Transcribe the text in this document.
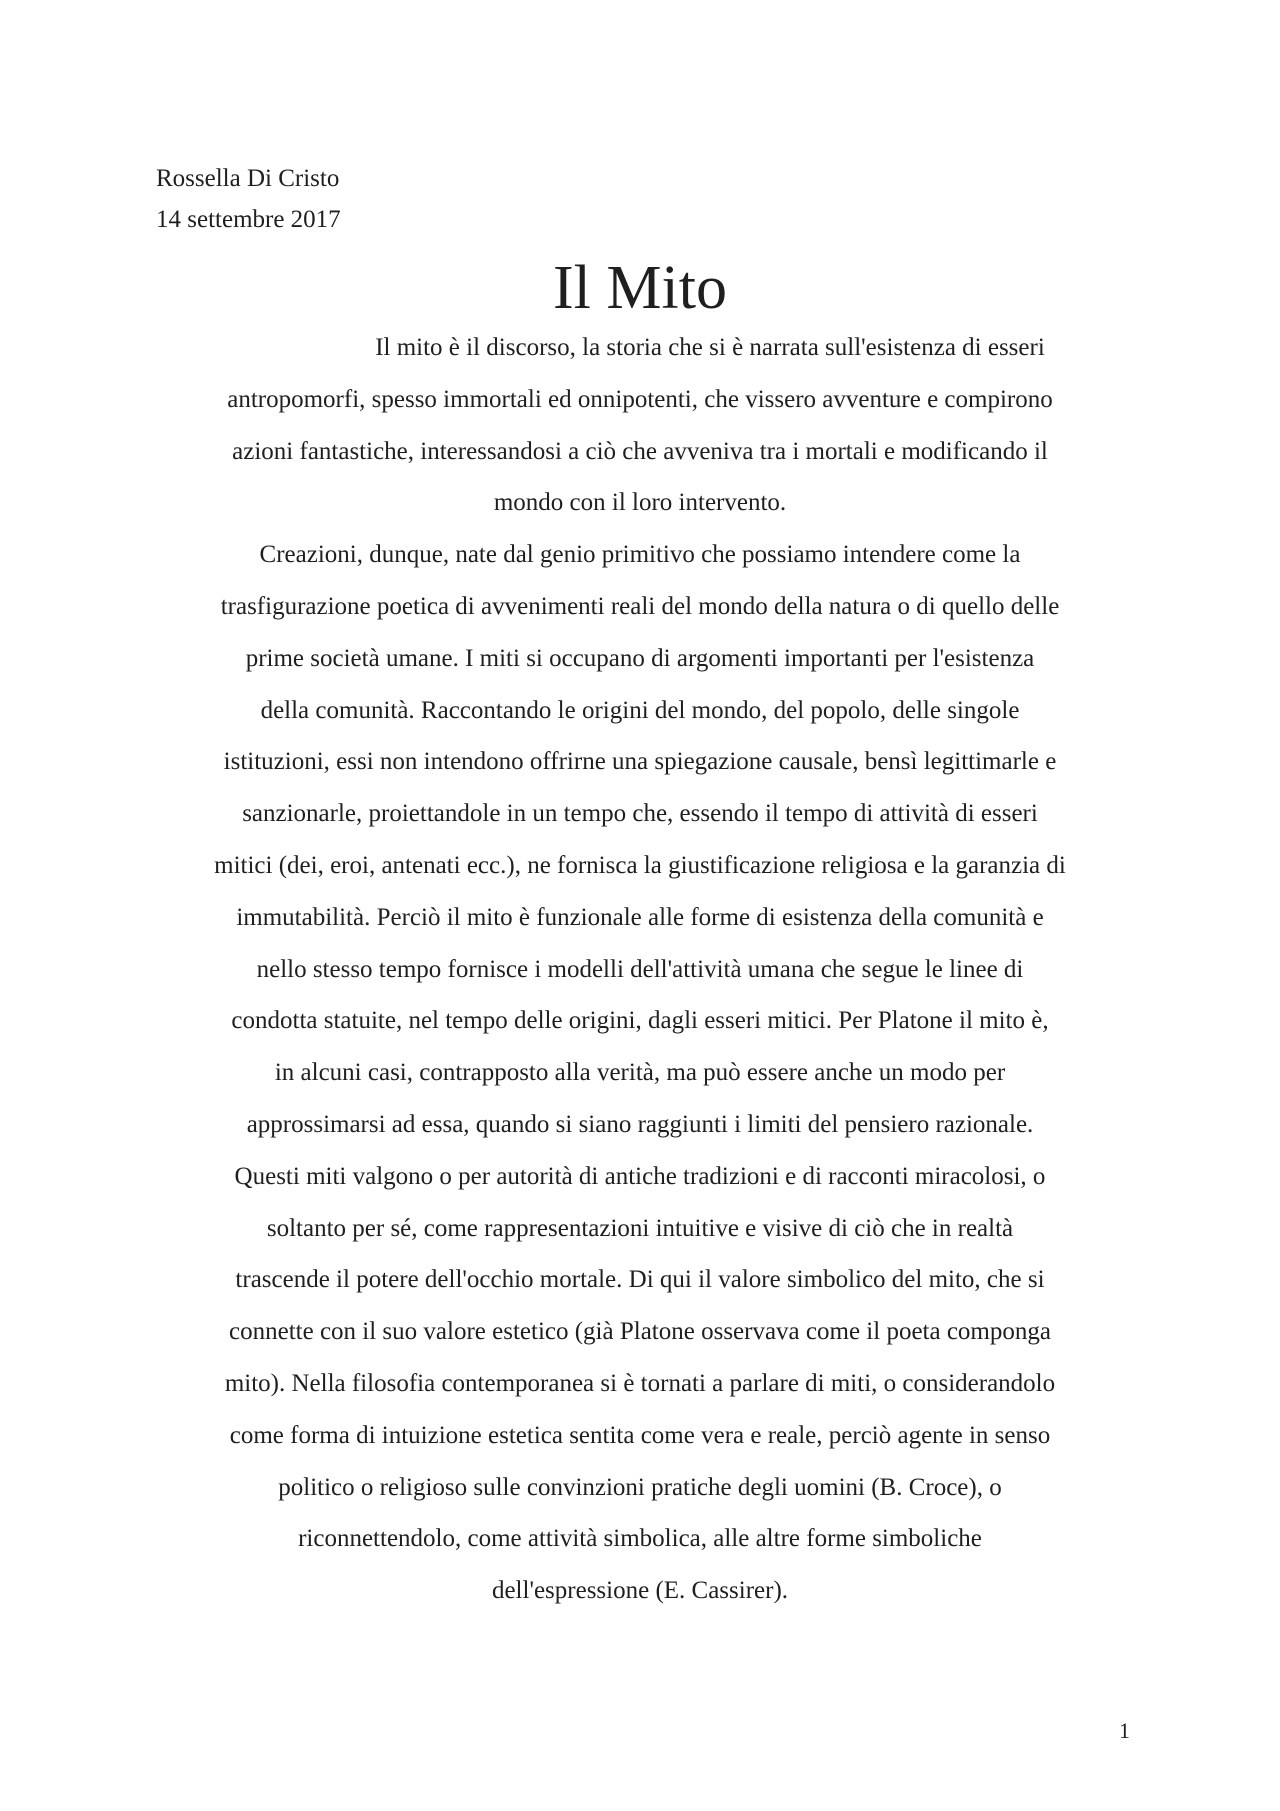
Rossella Di Cristo
14 settembre 2017
Il Mito
Il mito è il discorso, la storia che si è narrata sull'esistenza di esseri
antropomorfi, spesso immortali ed onnipotenti, che vissero avventure e compirono
azioni fantastiche, interessandosi a ciò che avveniva tra i mortali e modificando il
mondo con il loro intervento.
Creazioni, dunque, nate dal genio primitivo che possiamo intendere come la
trasfigurazione poetica di avvenimenti reali del mondo della natura o di quello delle
prime società umane. I miti si occupano di argomenti importanti per l'esistenza
della comunità. Raccontando le origini del mondo, del popolo, delle singole
istituzioni, essi non intendono offrirne una spiegazione causale, bensì legittimarle e
sanzionarle, proiettandole in un tempo che, essendo il tempo di attività di esseri
mitici (dei, eroi, antenati ecc.), ne fornisca la giustificazione religiosa e la garanzia di
immutabilità. Perciò il mito è funzionale alle forme di esistenza della comunità e
nello stesso tempo fornisce i modelli dell'attività umana che segue le linee di
condotta statuite, nel tempo delle origini, dagli esseri mitici. Per Platone il mito è,
in alcuni casi, contrapposto alla verità, ma può essere anche un modo per
approssimarsi ad essa, quando si siano raggiunti i limiti del pensiero razionale.
Questi miti valgono o per autorità di antiche tradizioni e di racconti miracolosi, o
soltanto per sé, come rappresentazioni intuitive e visive di ciò che in realtà
trascende il potere dell'occhio mortale. Di qui il valore simbolico del mito, che si
connette con il suo valore estetico (già Platone osservava come il poeta componga
mito). Nella filosofia contemporanea si è tornati a parlare di miti, o considerandolo
come forma di intuizione estetica sentita come vera e reale, perciò agente in senso
politico o religioso sulle convinzioni pratiche degli uomini (B. Croce), o
riconnettendolo, come attività simbolica, alle altre forme simboliche
dell'espressione (E. Cassirer).
1
